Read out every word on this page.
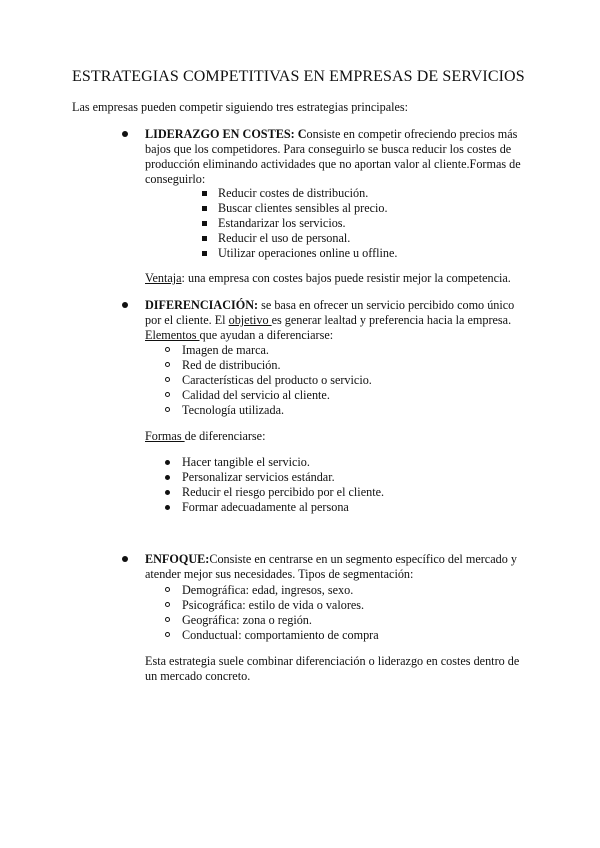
ESTRATEGIAS COMPETITIVAS EN EMPRESAS DE SERVICIOS

Las empresas pueden competir siguiendo tres estrategias principales:

LIDERAZGO EN COSTES: Consiste en competir ofreciendo precios más
bajos que los competidores. Para conseguirlo se busca reducir los costes de
producción eliminando actividades que no aportan valor al cliente.Formas de
conseguirlo:

Reducir costes de distribución.
Buscar clientes sensibles al precio.
Estandarizar los servicios.
Reducir el uso de personal.
Utilizar operaciones online u offline.

Ventaja: una empresa con costes bajos puede resistir mejor la competencia.

DIFERENCIACIÓN: se basa en ofrecer un servicio percibido como único
por el cliente. El objetivo es generar lealtad y preferencia hacia la empresa.
Elementos que ayudan a diferenciarse:

Imagen de marca.
Red de distribución.
Características del producto o servicio.
Calidad del servicio al cliente.
Tecnología utilizada.

Formas de diferenciarse:

Hacer tangible el servicio.
Personalizar servicios estándar.
Reducir el riesgo percibido por el cliente.
Formar adecuadamente al persona

ENFOQUE:Consiste en centrarse en un segmento específico del mercado y
atender mejor sus necesidades. Tipos de segmentación:

Demográfica: edad, ingresos, sexo.
Psicográfica: estilo de vida o valores.
Geográfica: zona o región.
Conductual: comportamiento de compra

Esta estrategia suele combinar diferenciación o liderazgo en costes dentro de
un mercado concreto.
